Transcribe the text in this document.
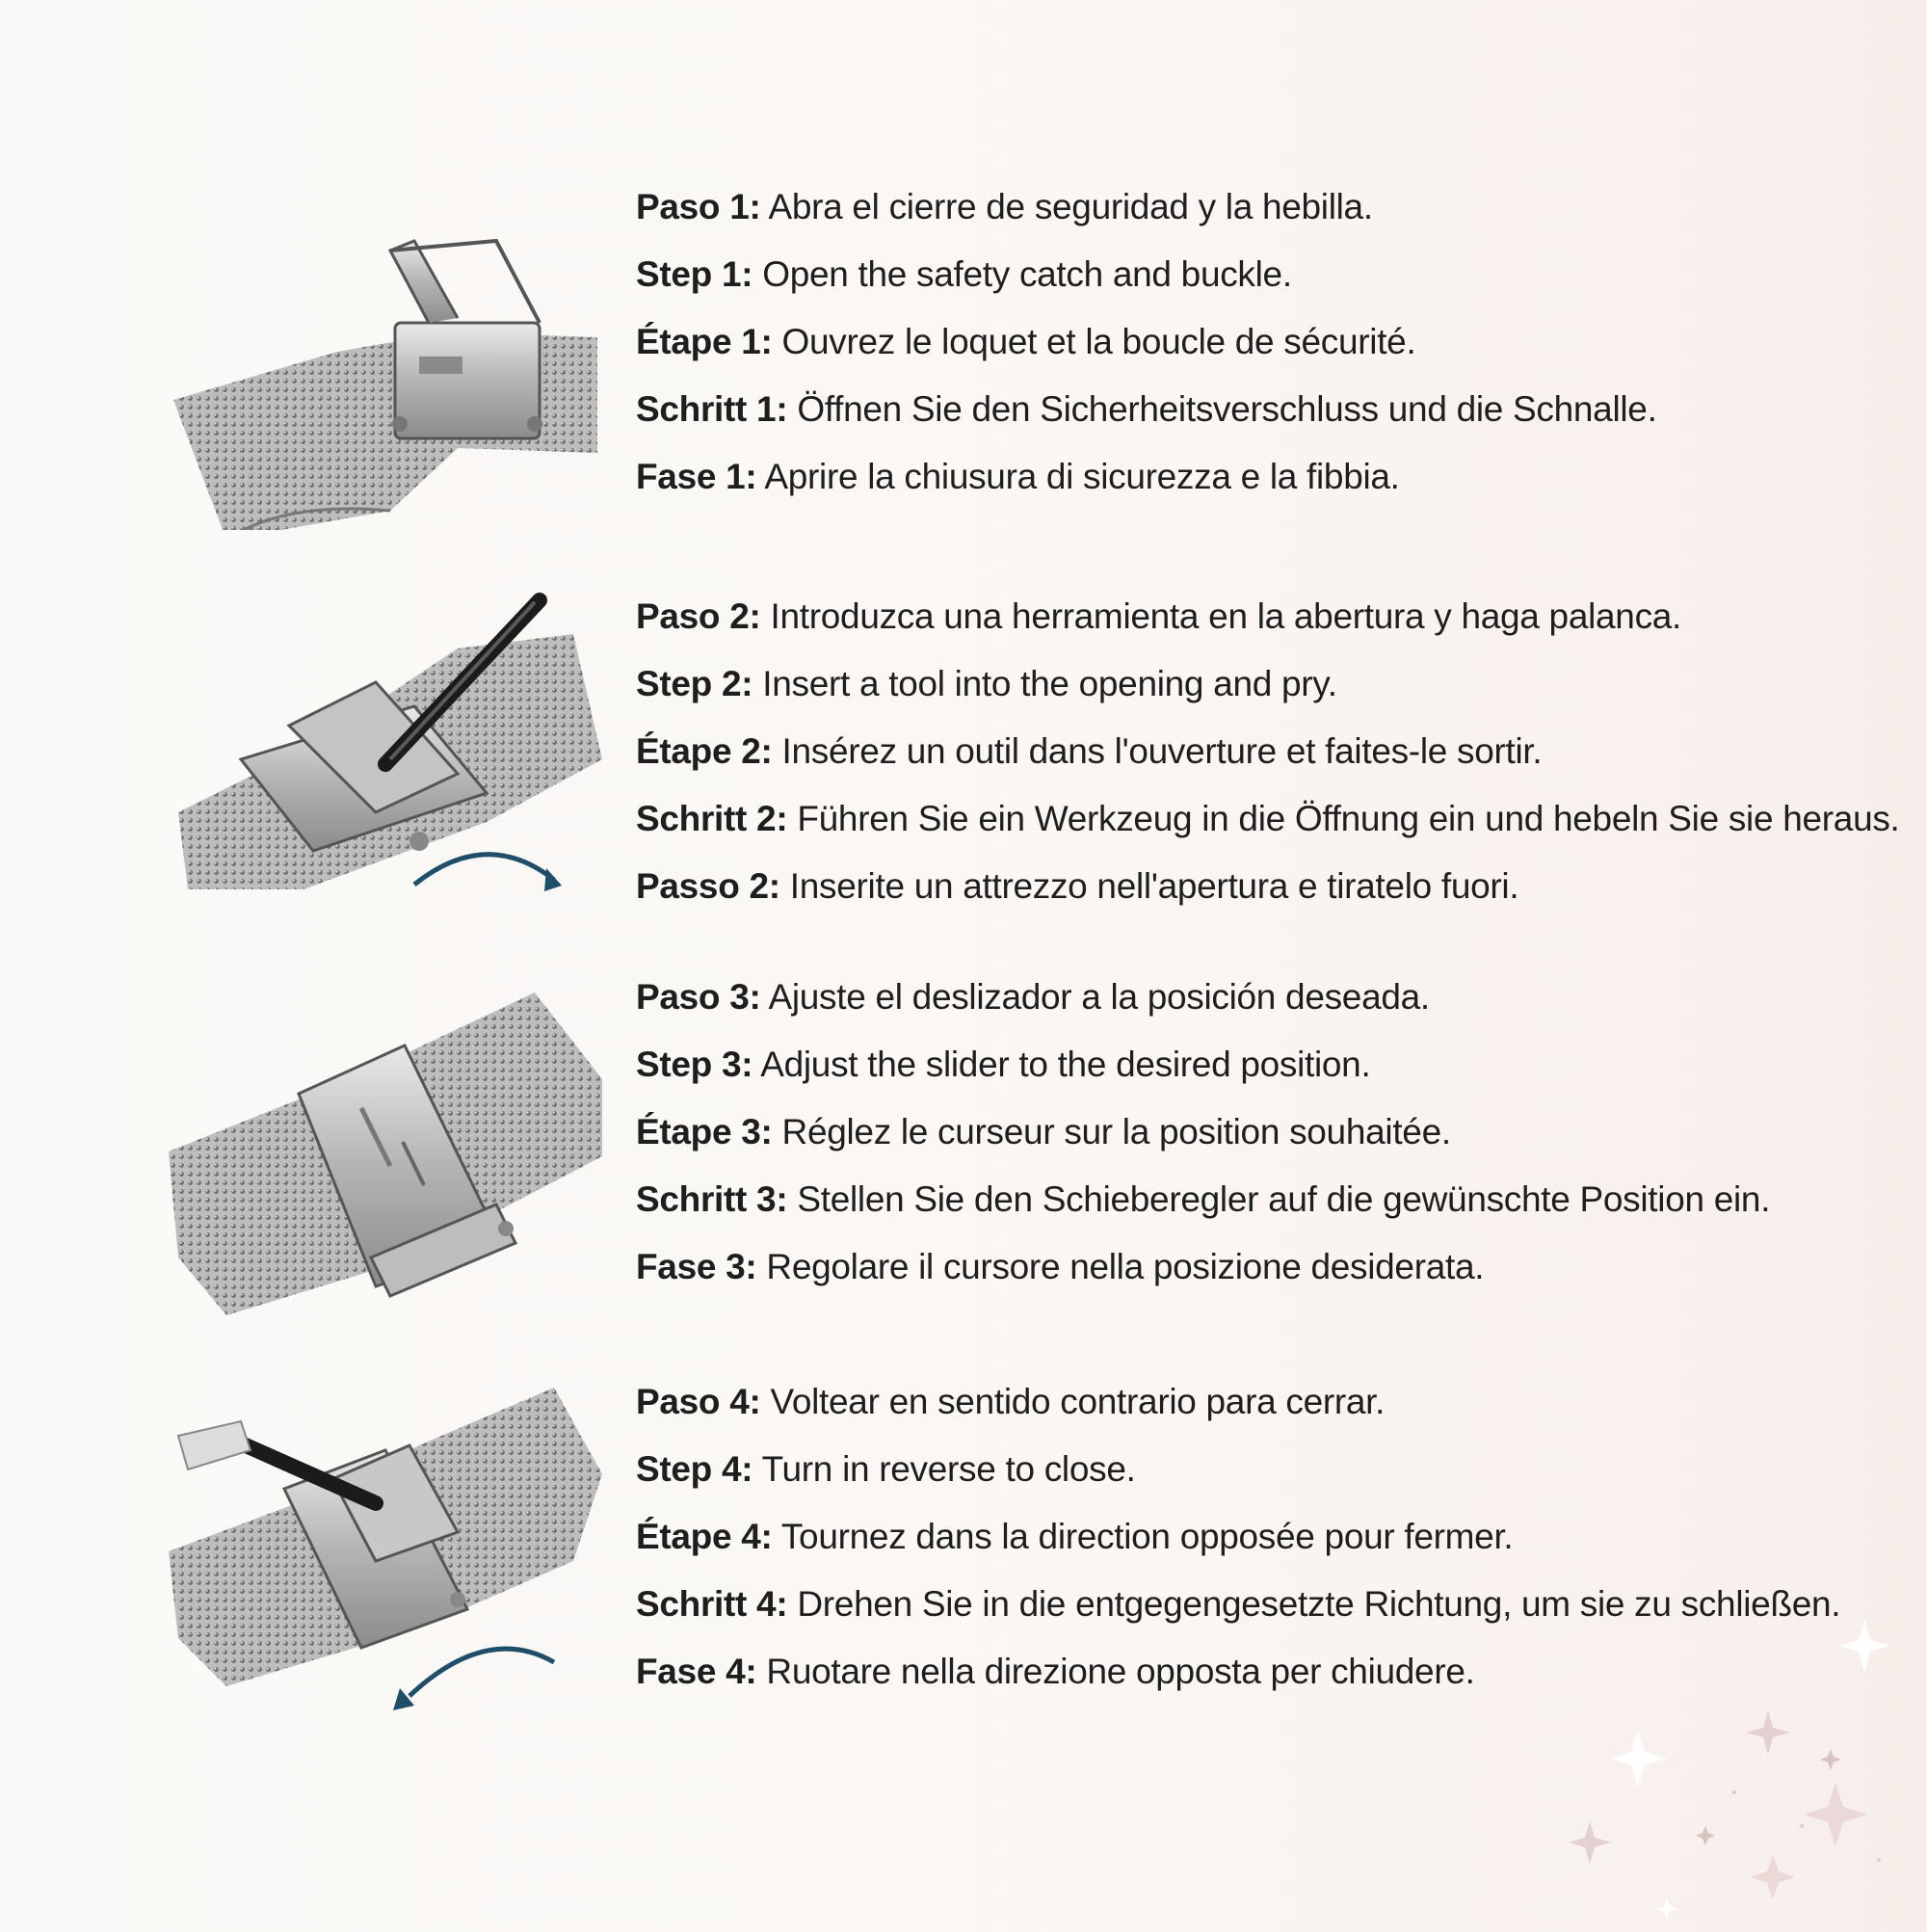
Paso 1: Abra el cierre de seguridad y la hebilla.
Step 1: Open the safety catch and buckle.
Étape 1: Ouvrez le loquet et la boucle de sécurité.
Schritt 1: Öffnen Sie den Sicherheitsverschluss und die Schnalle.
Fase 1: Aprire la chiusura di sicurezza e la fibbia.
Paso 2: Introduzca una herramienta en la abertura y haga palanca.
Step 2: Insert a tool into the opening and pry.
Étape 2: Insérez un outil dans l'ouverture et faites-le sortir.
Schritt 2: Führen Sie ein Werkzeug in die Öffnung ein und hebeln Sie sie heraus.
Passo 2: Inserite un attrezzo nell'apertura e tiratelo fuori.
Paso 3: Ajuste el deslizador a la posición deseada.
Step 3: Adjust the slider to the desired position.
Étape 3: Réglez le curseur sur la position souhaitée.
Schritt 3: Stellen Sie den Schieberegler auf die gewünschte Position ein.
Fase 3: Regolare il cursore nella posizione desiderata.
Paso 4: Voltear en sentido contrario para cerrar.
Step 4: Turn in reverse to close.
Étape 4: Tournez dans la direction opposée pour fermer.
Schritt 4: Drehen Sie in die entgegengesetzte Richtung, um sie zu schließen.
Fase 4: Ruotare nella direzione opposta per chiudere.
